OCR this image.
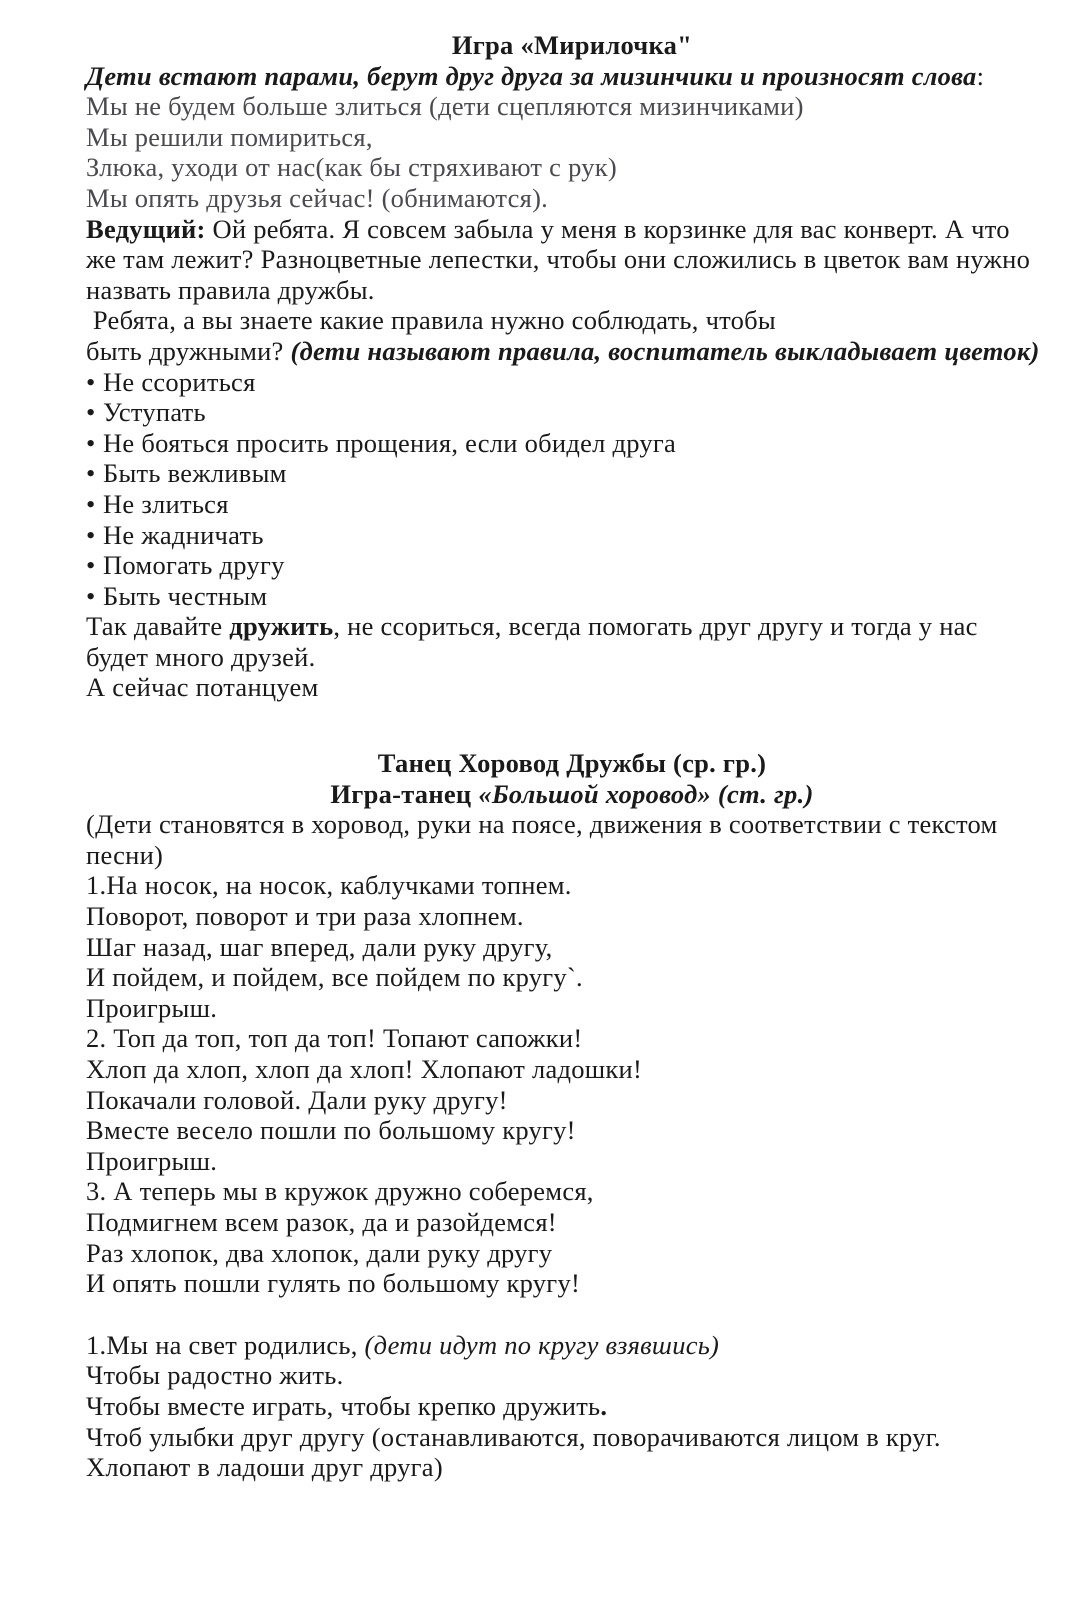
Игра «Мирилочка"
Дети встают парами, берут друг друга за мизинчики и произносят слова:
Мы не будем больше злиться (дети сцепляются мизинчиками)
Мы решили помириться,
Злюка, уходи от нас(как бы стряхивают с рук)
Мы опять друзья сейчас! (обнимаются).
Ведущий: Ой ребята. Я совсем забыла у меня в корзинке для вас конверт. А что
же там лежит? Разноцветные лепестки, чтобы они сложились в цветок вам нужно
назвать правила дружбы.
Ребята, а вы знаете какие правила нужно соблюдать, чтобы
быть дружными? (дети называют правила, воспитатель выкладывает цветок)
• Не ссориться
• Уступать
• Не бояться просить прощения, если обидел друга
• Быть вежливым
• Не злиться
• Не жадничать
• Помогать другу
• Быть честным
Так давайте дружить, не ссориться, всегда помогать друг другу и тогда у нас
будет много друзей.
А сейчас потанцуем
Танец Хоровод Дружбы (ср. гр.)
Игра-танец «Большой хоровод» (ст. гр.)
(Дети становятся в хоровод, руки на поясе, движения в соответствии с текстом
песни)
1.На носок, на носок, каблучками топнем.
Поворот, поворот и три раза хлопнем.
Шаг назад, шаг вперед, дали руку другу,
И пойдем, и пойдем, все пойдем по кругу`.
Проигрыш.
2. Топ да топ, топ да топ! Топают сапожки!
Хлоп да хлоп, хлоп да хлоп! Хлопают ладошки!
Покачали головой. Дали руку другу!
Вместе весело пошли по большому кругу!
Проигрыш.
3. А теперь мы в кружок дружно соберемся,
Подмигнем всем разок, да и разойдемся!
Раз хлопок, два хлопок, дали руку другу
И опять пошли гулять по большому кругу!
1.Мы на свет родились, (дети идут по кругу взявшись)
Чтобы радостно жить.
Чтобы вместе играть, чтобы крепко дружить.
Чтоб улыбки друг другу (останавливаются, поворачиваются лицом в круг.
Хлопают в ладоши друг друга)
